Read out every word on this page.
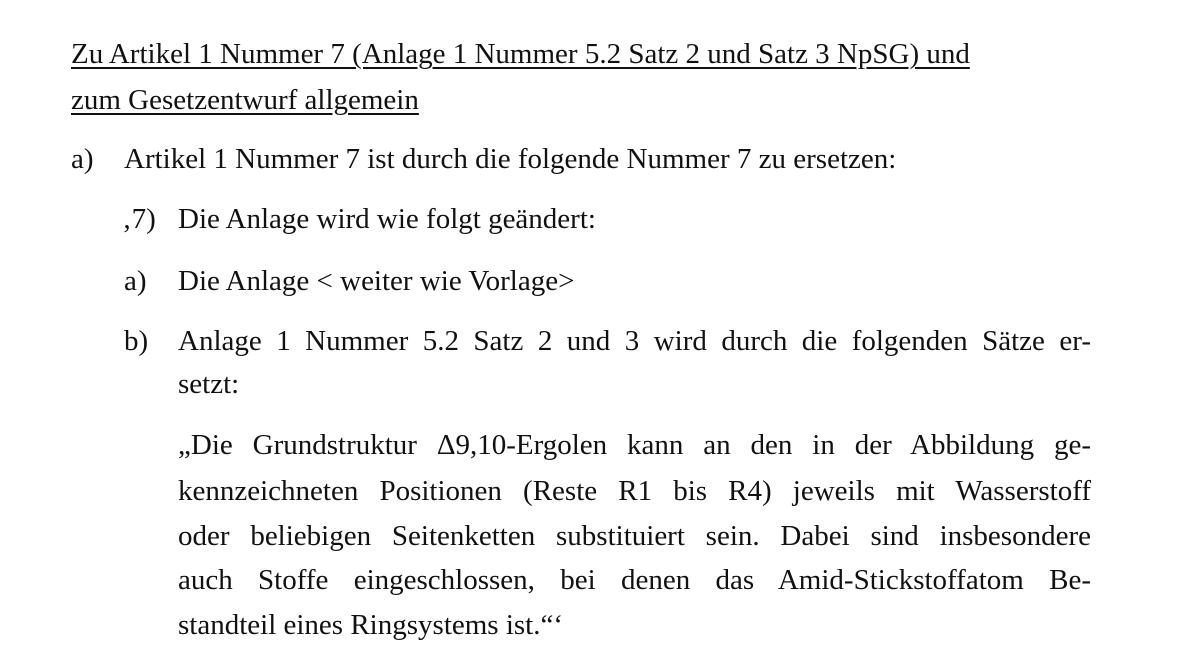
Zu Artikel 1 Nummer 7 (Anlage 1 Nummer 5.2 Satz 2 und Satz 3 NpSG) und
zum Gesetzentwurf allgemein
a) Artikel 1 Nummer 7 ist durch die folgende Nummer 7 zu ersetzen:
‚7) Die Anlage wird wie folgt geändert:
a) Die Anlage < weiter wie Vorlage>
b) Anlage 1 Nummer 5.2 Satz 2 und 3 wird durch die folgenden Sätze er-
setzt:
„Die Grundstruktur Δ9,10-Ergolen kann an den in der Abbildung ge-
kennzeichneten Positionen (Reste R1 bis R4) jeweils mit Wasserstoff
oder beliebigen Seitenketten substituiert sein. Dabei sind insbesondere
auch Stoffe eingeschlossen, bei denen das Amid-Stickstoffatom Be-
standteil eines Ringsystems ist.“‘
